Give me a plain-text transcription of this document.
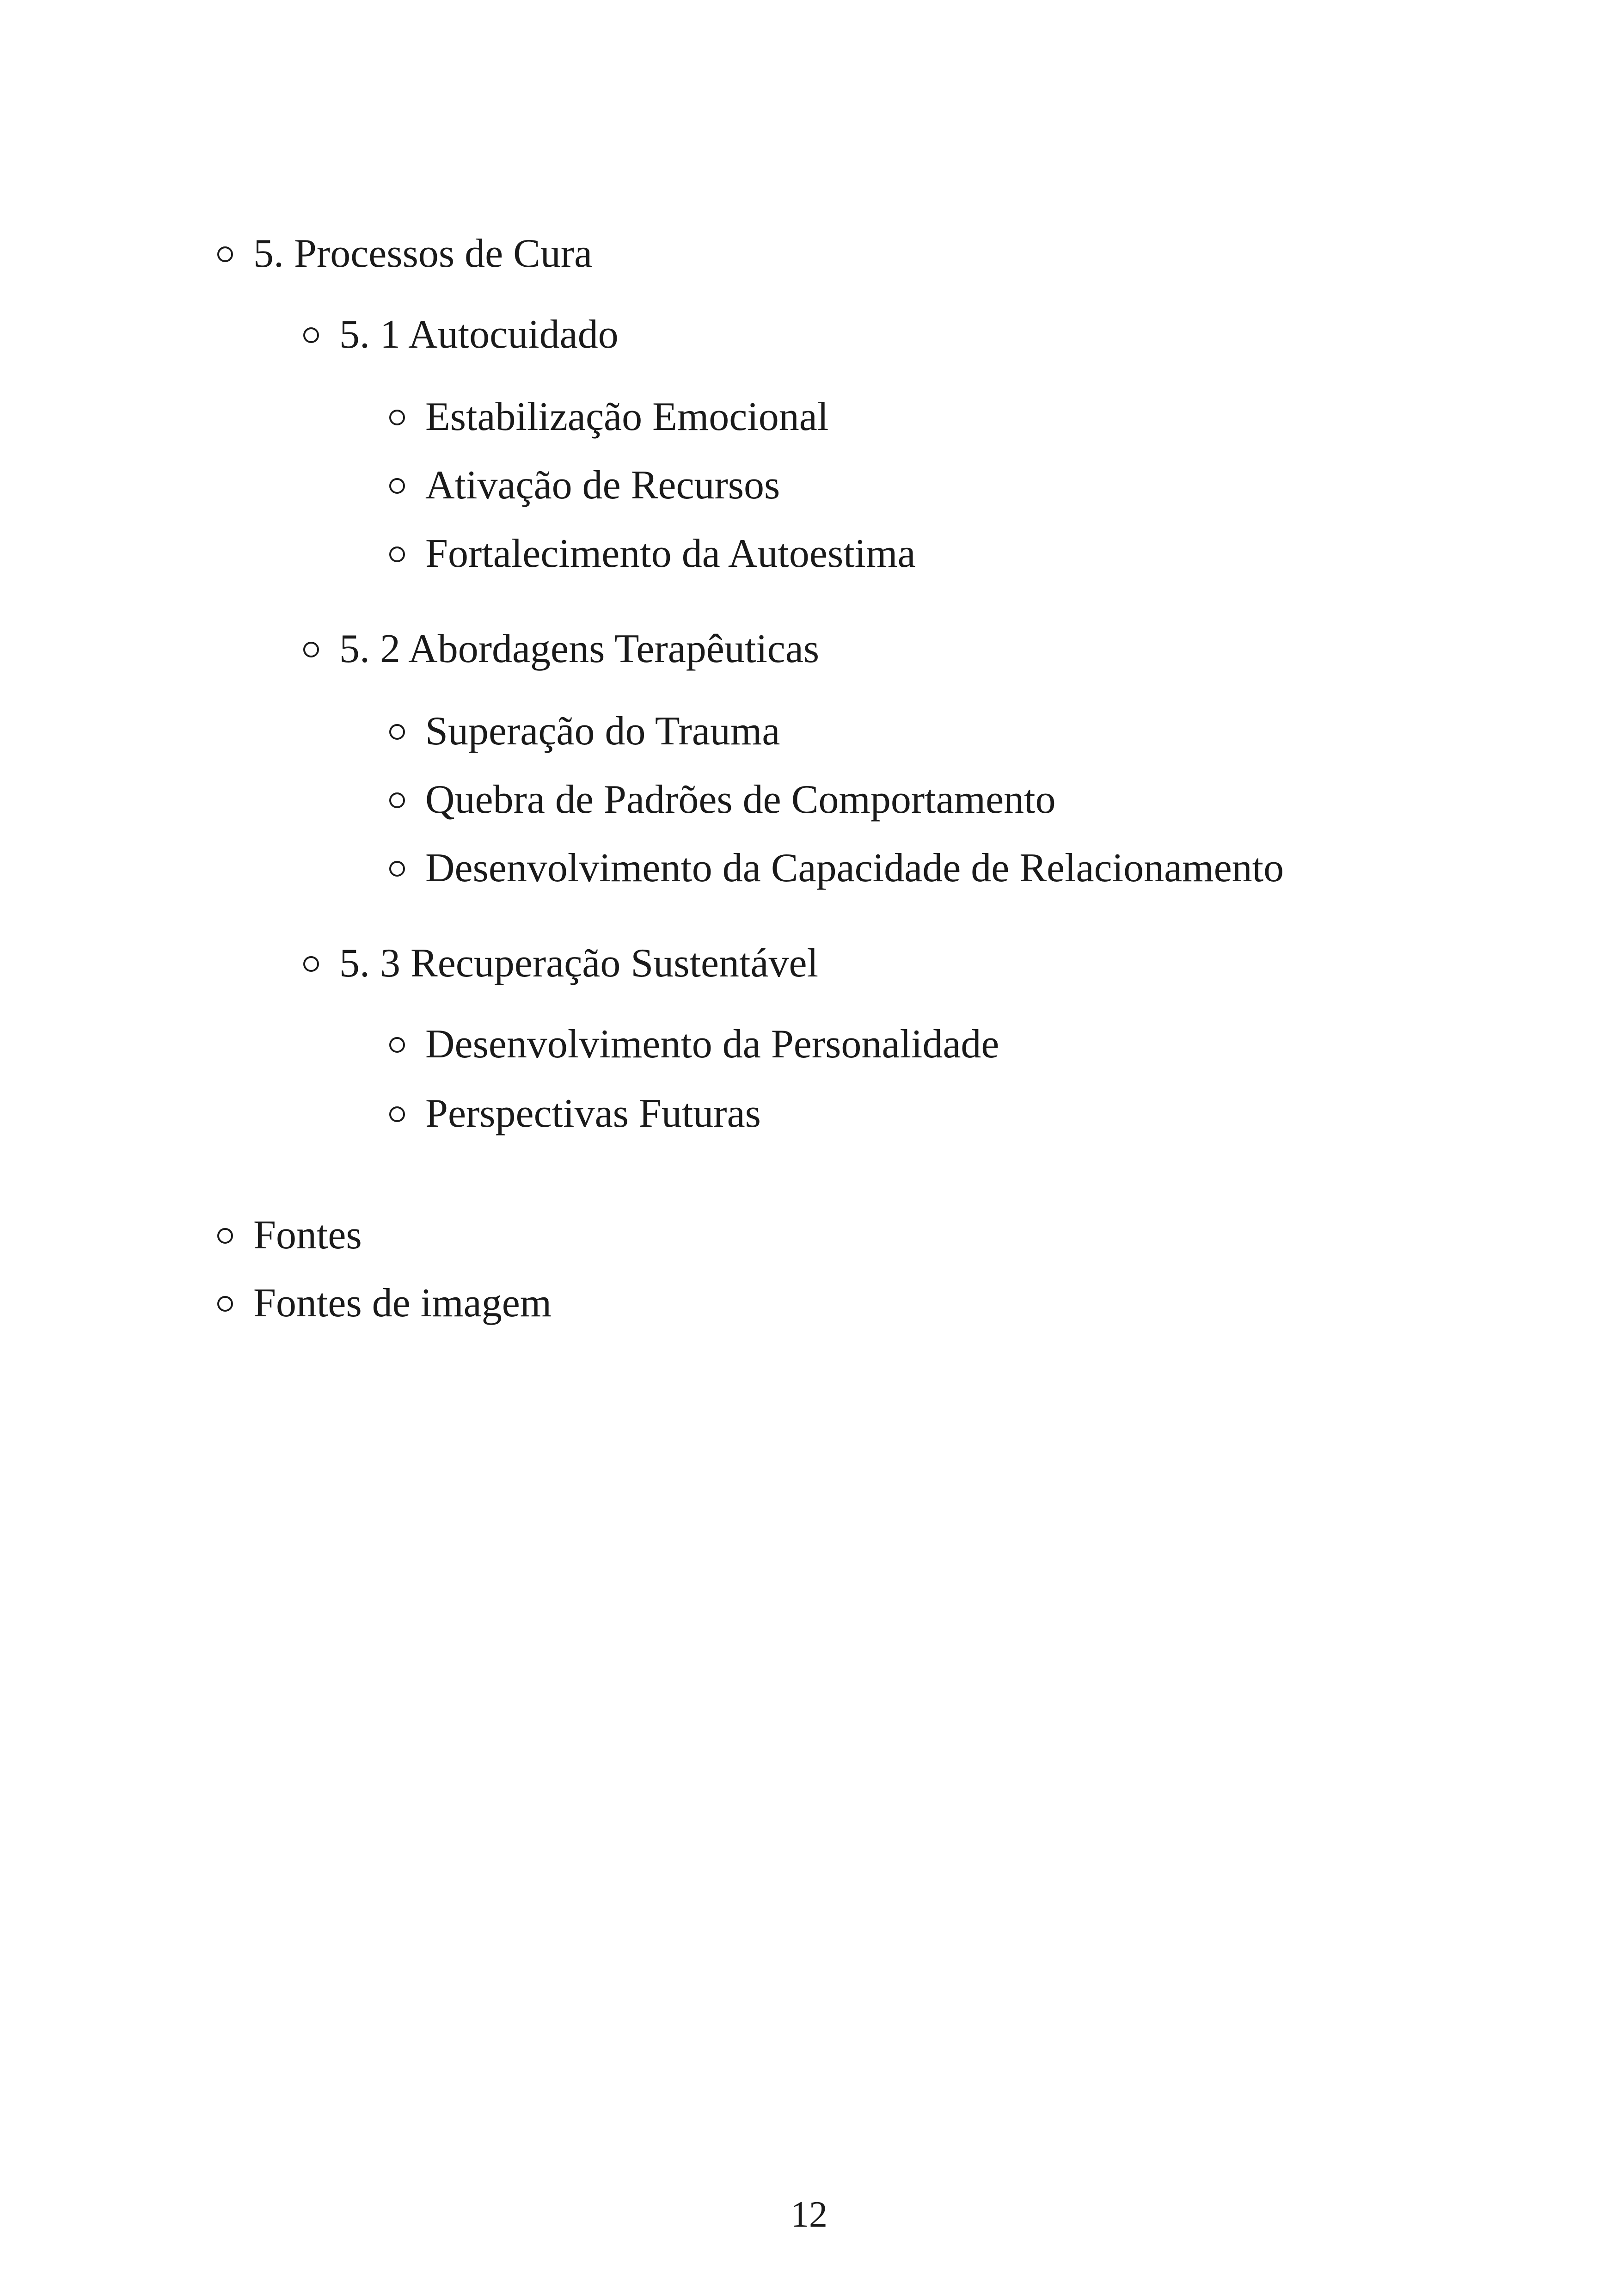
5. Processos de Cura
5. 1 Autocuidado
Estabilização Emocional
Ativação de Recursos
Fortalecimento da Autoestima
5. 2 Abordagens Terapêuticas
Superação do Trauma
Quebra de Padrões de Comportamento
Desenvolvimento da Capacidade de Relacionamento
5. 3 Recuperação Sustentável
Desenvolvimento da Personalidade
Perspectivas Futuras
Fontes
Fontes de imagem
12
